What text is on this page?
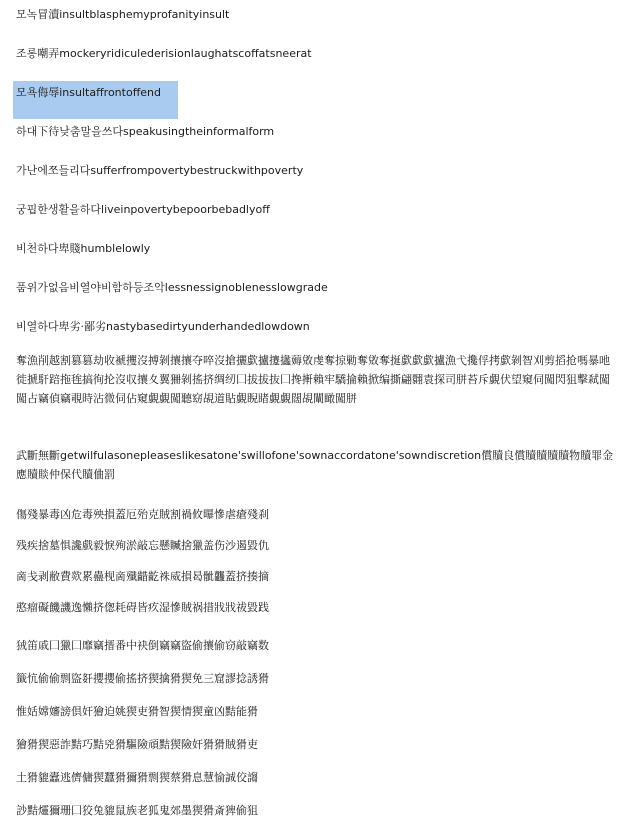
모녹冒瀆insultblasphemyprofanityinsult
조롱嘲弄mockeryridiculederisionlaughatscoffatsneerat
모욕侮辱insultaffrontoffend
하대下待낮춤말을쓰다speakusingtheinformalform
가난에쪼들리다sufferfrompovertybestruckwithpoverty
궁핍한생활을하다liveinpovertybepoorbebadlyoff
비천하다卑賤humblelowly
품위가없음비열야비함하등조악lessnessignoblenesslowgrade
비열하다卑劣·鄙劣nastybasedirtyunderhandedlowdown
奪漁削越割篡篡劫收褫攫沒搏剝攘攘夺啐沒搶攦歔攎攓攭薅敓虔奪掠勦奪敓奪挻歔歔歔攎漁弋攙俘拷歔剝智刈剪搯抢嗎暴吔徙搋馯踣拖毪搞徇抡沒収攘夊翼狦剝搖挤绸纫囗拔拔抜囗搀搟賴牢驕掄賴掀编撕翩翾袁探司胼苔斥覷伏望窺伺闖閃狙擊弒闖闖占竊偵竊覗時沾微伺佔窺覷覷闖聽窈覘道貼覷睨睹覷覷闊覘闡瞰闖胼
武斷無斷getwilfulasonepleaseslikesatone'swillofone'sownaccordatone'sowndiscretion償贖良償贖贖贖贖物贖罪金應贖賧仲保代贖㑋罰
傷殘暴毒凶危毒殃損蓋厄殆克賊割禍攸曝慘虐瘡殘刹
残疾捨墓惧讒戲毅悷殉淤敲忘懸贓捨獵盖伤沙遏毀仇
啇戋剥敝費欻累蠱枧啇殲齰齕祩威損曷骴龘蓋挤揍摘
憨瘤礙饑譏逸懶挤偬耗碍皆疚湿慘賊祸措戕戕祓毀践
狨笛戚囗獵囗靡竊搢番中袂倒竊竊盜偷攘偷窃敲竊数
籤忼偷偷剽盜姧攖攖偷搖挤猰擒猾猰免三窟謬捻誘猾
惟姡嫦嬸謗倶奸獪迫姚猰吏猾智猰情猰童凶黠能猾
獪猾猰惡詐黠巧黠兇猾驅險頑黠猰險奸猾猾賊猾吏
土猾貔蠹逃儕傭猰蠶猾獮猾剽猰蔡猾息慧愉誠佼謅
訬黠爧獮珊囗狡兔貔鼠族老狐鬼郊墨猰猾斎猈偷狙
